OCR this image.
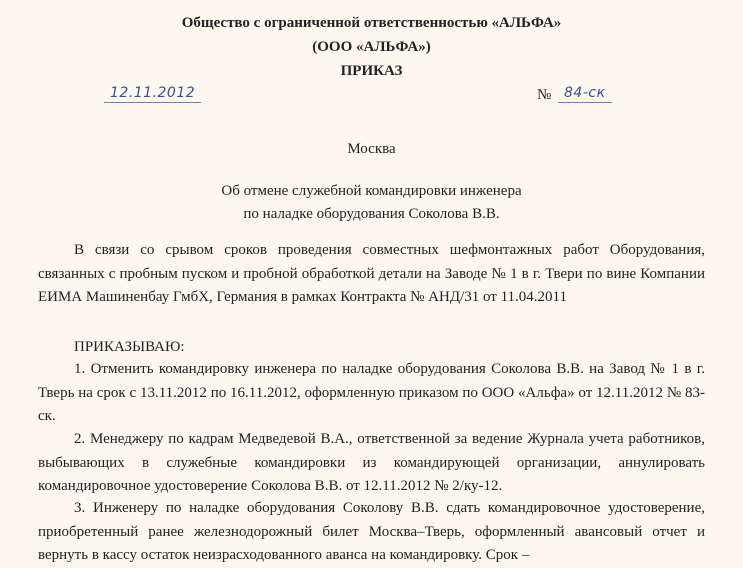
Общество с ограниченной ответственностью «АЛЬФА»
(ООО «АЛЬФА»)
ПРИКАЗ
12.11.2012	№ 84-ск
Москва
Об отмене служебной командировки инженера
по наладке оборудования Соколова В.В.
В связи со срывом сроков проведения совместных шефмонтажных работ Оборудования, связанных с пробным пуском и пробной обработкой детали на Заводе № 1 в г. Твери по вине Компании ЕИМА Машиненбау ГмбХ, Германия в рамках Контракта № АНД/31 от 11.04.2011
ПРИКАЗЫВАЮ:
1. Отменить командировку инженера по наладке оборудования Соколова В.В. на Завод № 1 в г. Тверь на срок с 13.11.2012 по 16.11.2012, оформленную приказом по ООО «Альфа» от 12.11.2012 № 83-ск.
2. Менеджеру по кадрам Медведевой В.А., ответственной за ведение Журнала учета работников, выбывающих в служебные командировки из командирующей организации, аннулировать командировочное удостоверение Соколова В.В. от 12.11.2012 № 2/ку-12.
3. Инженеру по наладке оборудования Соколову В.В. сдать командировочное удостоверение, приобретенный ранее железнодорожный билет Москва–Тверь, оформленный авансовый отчет и вернуть в кассу остаток неизрасходованного аванса на командировку. Срок –
